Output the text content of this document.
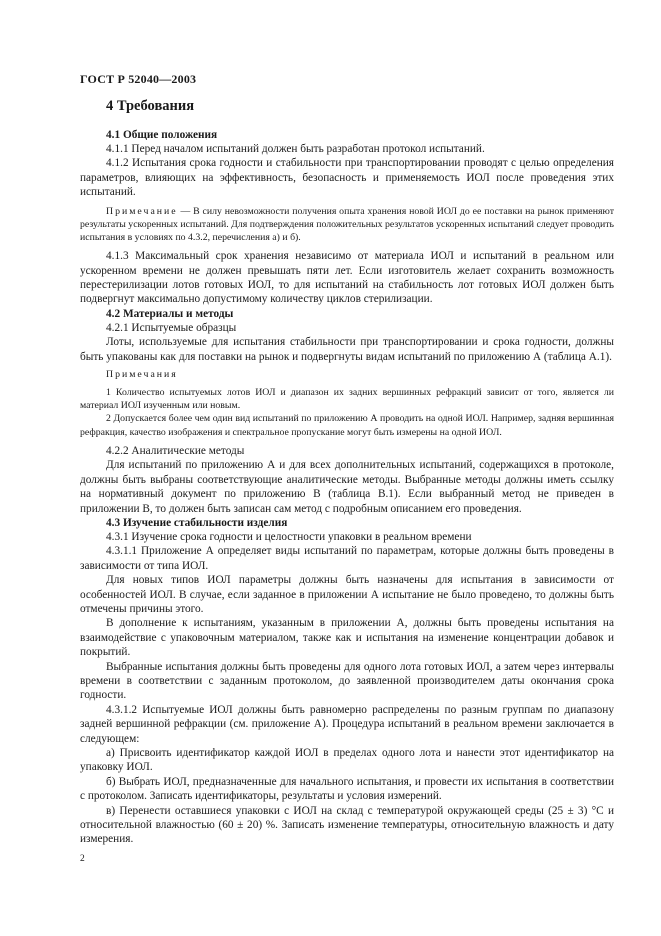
ГОСТ Р 52040—2003
4 Требования
4.1 Общие положения

4.1.1 Перед началом испытаний должен быть разработан протокол испытаний.

4.1.2 Испытания срока годности и стабильности при транспортировании проводят с целью определения параметров, влияющих на эффективность, безопасность и применяемость ИОЛ после проведения этих испытаний.

Примечание — В силу невозможности получения опыта хранения новой ИОЛ до ее поставки на рынок применяют результаты ускоренных испытаний. Для подтверждения положительных результатов ускоренных испытаний следует проводить испытания в условиях по 4.3.2, перечисления а) и б).

4.1.3 Максимальный срок хранения независимо от материала ИОЛ и испытаний в реальном или ускоренном времени не должен превышать пяти лет. Если изготовитель желает сохранить возможность перестерилизации лотов готовых ИОЛ, то для испытаний на стабильность лот готовых ИОЛ должен быть подвергнут максимально допустимому количеству циклов стерилизации.

4.2 Материалы и методы

4.2.1 Испытуемые образцы

Лоты, используемые для испытания стабильности при транспортировании и срока годности, должны быть упакованы как для поставки на рынок и подвергнуты видам испытаний по приложению А (таблица А.1).

Примечания

1 Количество испытуемых лотов ИОЛ и диапазон их задних вершинных рефракций зависит от того, является ли материал ИОЛ изученным или новым.

2 Допускается более чем один вид испытаний по приложению А проводить на одной ИОЛ. Например, задняя вершинная рефракция, качество изображения и спектральное пропускание могут быть измерены на одной ИОЛ.

4.2.2 Аналитические методы

Для испытаний по приложению А и для всех дополнительных испытаний, содержащихся в протоколе, должны быть выбраны соответствующие аналитические методы. Выбранные методы должны иметь ссылку на нормативный документ по приложению В (таблица В.1). Если выбранный метод не приведен в приложении В, то должен быть записан сам метод с подробным описанием его проведения.

4.3 Изучение стабильности изделия

4.3.1 Изучение срока годности и целостности упаковки в реальном времени

4.3.1.1 Приложение А определяет виды испытаний по параметрам, которые должны быть проведены в зависимости от типа ИОЛ.

Для новых типов ИОЛ параметры должны быть назначены для испытания в зависимости от особенностей ИОЛ. В случае, если заданное в приложении А испытание не было проведено, то должны быть отмечены причины этого.

В дополнение к испытаниям, указанным в приложении А, должны быть проведены испытания на взаимодействие с упаковочным материалом, также как и испытания на изменение концентрации добавок и покрытий.

Выбранные испытания должны быть проведены для одного лота готовых ИОЛ, а затем через интервалы времени в соответствии с заданным протоколом, до заявленной производителем даты окончания срока годности.

4.3.1.2 Испытуемые ИОЛ должны быть равномерно распределены по разным группам по диапазону задней вершинной рефракции (см. приложение А). Процедура испытаний в реальном времени заключается в следующем:

а) Присвоить идентификатор каждой ИОЛ в пределах одного лота и нанести этот идентификатор на упаковку ИОЛ.

б) Выбрать ИОЛ, предназначенные для начального испытания, и провести их испытания в соответствии с протоколом. Записать идентификаторы, результаты и условия измерений.

в) Перенести оставшиеся упаковки с ИОЛ на склад с температурой окружающей среды (25 ± 3) °С и относительной влажностью (60 ± 20) %. Записать изменение температуры, относительную влажность и дату измерения.

2
